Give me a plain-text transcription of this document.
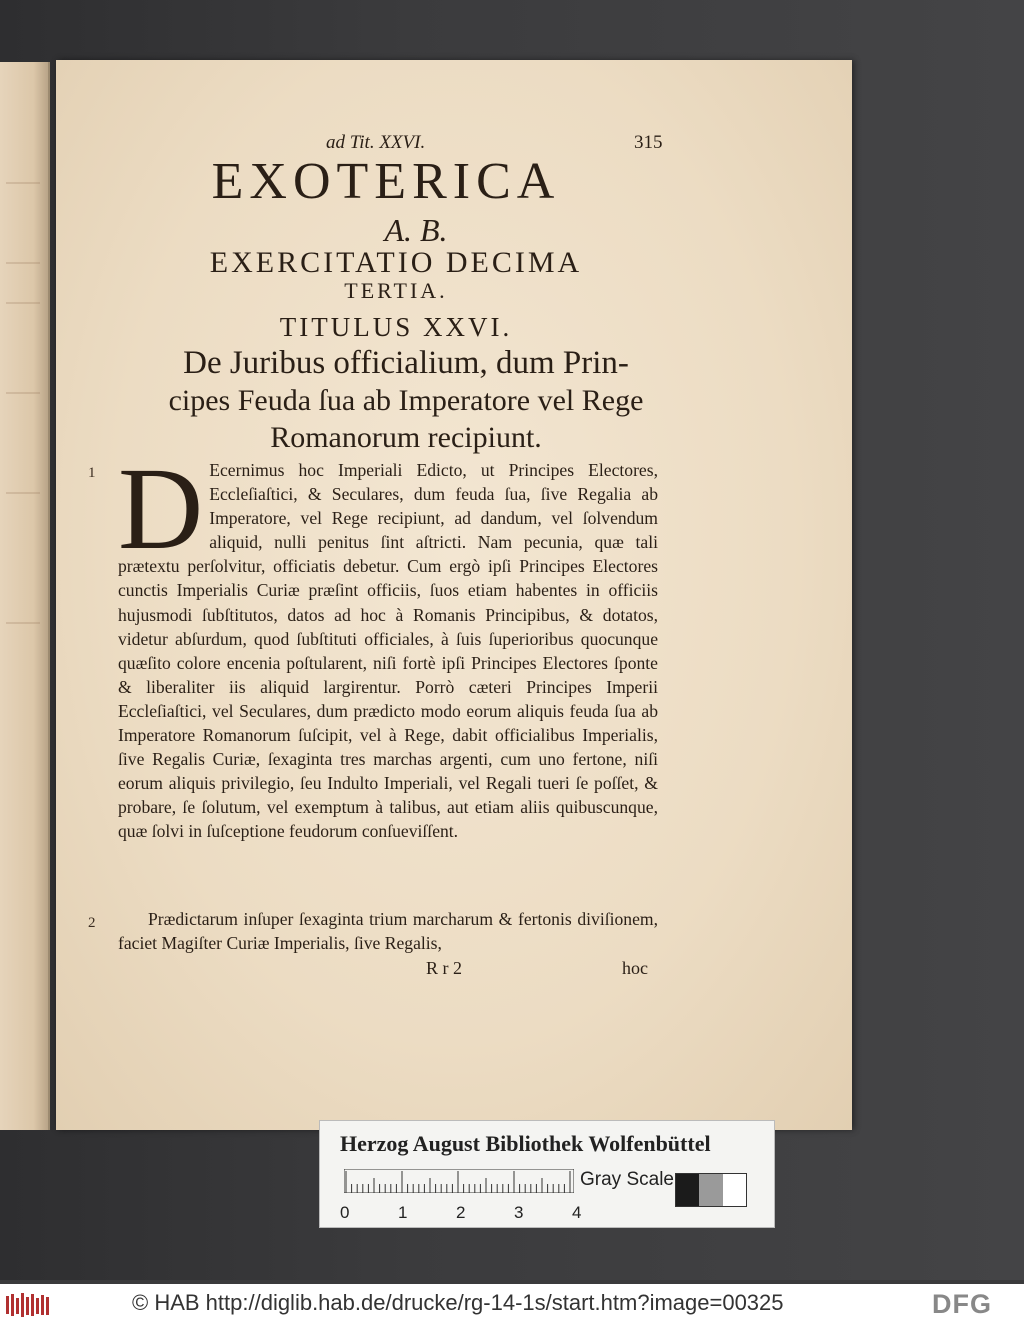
ad Tit. XXVI.	315
EXOTERICA
A. B.
EXERCITATIO DECIMA
TERTIA.
TITULUS XXVI.
De Juribus officialium, dum Prin-
cipes Feuda ſua ab Imperatore vel Rege
Romanorum recipiunt.
1 D Ecernimus hoc Imperiali Edicto, ut Principes Electores, Eccleſiaſtici, & Seculares, dum feuda ſua, ſive Regalia ab Imperatore, vel Rege recipiunt, ad dandum, vel ſolvendum aliquid, nulli penitus ſint aſtricti. Nam pecunia, quæ tali prætextu perſolvitur, officiatis debetur. Cum ergò ipſi Principes Electores cunctis Imperialis Curiæ præſint officiis, ſuos etiam habentes in officiis hujusmodi ſubſtitutos, datos ad hoc à Romanis Principibus, & dotatos, videtur abſurdum, quod ſubſtituti officiales, à ſuis ſuperioribus quocunque quæſito colore encenia poſtularent, niſi fortè ipſi Principes Electores ſponte & liberaliter iis aliquid largirentur. Porrò cæteri Principes Imperii Eccleſiaſtici, vel Seculares, dum prædicto modo eorum aliquis feuda ſua ab Imperatore Romanorum ſuſcipit, vel à Rege, dabit officialibus Imperialis, ſive Regalis Curiæ, ſexaginta tres marchas argenti, cum uno fertone, niſi eorum aliquis privilegio, ſeu Indulto Imperiali, vel Regali tueri ſe poſſet, & probare, ſe ſolutum, vel exemptum à talibus, aut etiam aliis quibuscunque, quæ ſolvi in ſuſceptione feudorum conſueviſſent.
2	Prædictarum inſuper ſexaginta trium marcharum & fertonis diviſionem, faciet Magiſter Curiæ Imperialis, ſive Regalis,
R r 2	hoc
Herzog August Bibliothek Wolfenbüttel
0	1	2	3	4
Gray Scale
© HAB http://diglib.hab.de/drucke/rg-14-1s/start.htm?image=00325	DFG
